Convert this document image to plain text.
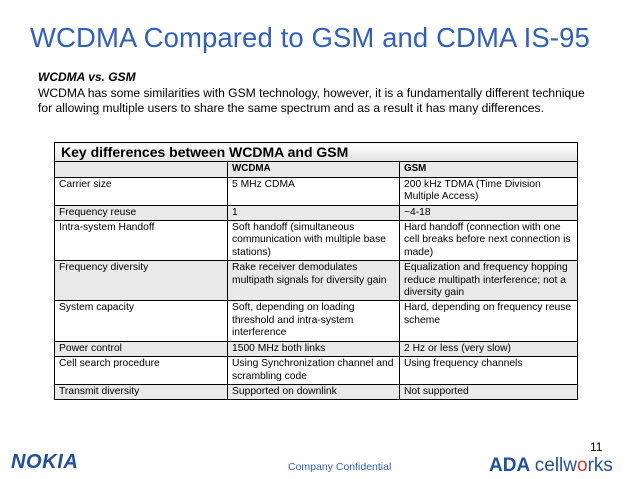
WCDMA Compared to GSM and CDMA IS-95
WCDMA vs. GSM
WCDMA has some similarities with GSM technology, however, it is a fundamentally different technique for allowing multiple users to share the same spectrum and as a result it has many differences.
Key differences between WCDMA and GSM		
	WCDMA	GSM
Carrier size	5 MHz CDMA	200 kHz TDMA (Time Division Multiple Access)
Frequency reuse	1	~4-18
Intra-system Handoff	Soft handoff (simultaneous communication with multiple base stations)	Hard handoff (connection with one cell breaks before next connection is made)
Frequency diversity	Rake receiver demodulates multipath signals for diversity gain	Equalization and frequency hopping reduce multipath interference; not a diversity gain
System capacity	Soft, depending on loading threshold and intra-system interference	Hard, depending on frequency reuse scheme
Power control	1500 MHz both links	2 Hz or less (very slow)
Cell search procedure	Using Synchronization channel and scrambling code	Using frequency channels
Transmit diversity	Supported on downlink	Not supported
11
NOKIA	Company Confidential	ADA cellworks
